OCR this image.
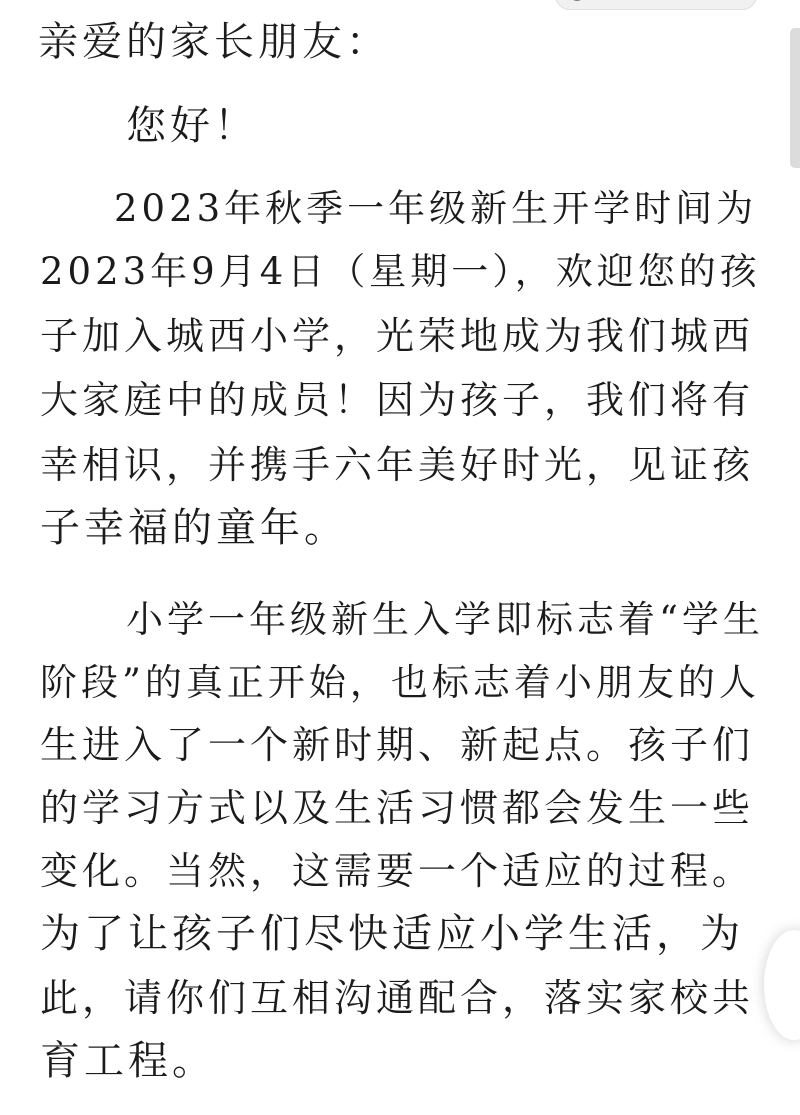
亲爱的家长朋友：
您好！
2023年秋季一年级新生开学时间为
2023年9月4日（星期一），欢迎您的孩
子加入城西小学，光荣地成为我们城西
大家庭中的成员！因为孩子，我们将有
幸相识，并携手六年美好时光，见证孩
子幸福的童年。
小学一年级新生入学即标志着“学生
阶段”的真正开始，也标志着小朋友的人
生进入了一个新时期、新起点。孩子们
的学习方式以及生活习惯都会发生一些
变化。当然，这需要一个适应的过程。
为了让孩子们尽快适应小学生活，为
此，请你们互相沟通配合，落实家校共
育工程。
